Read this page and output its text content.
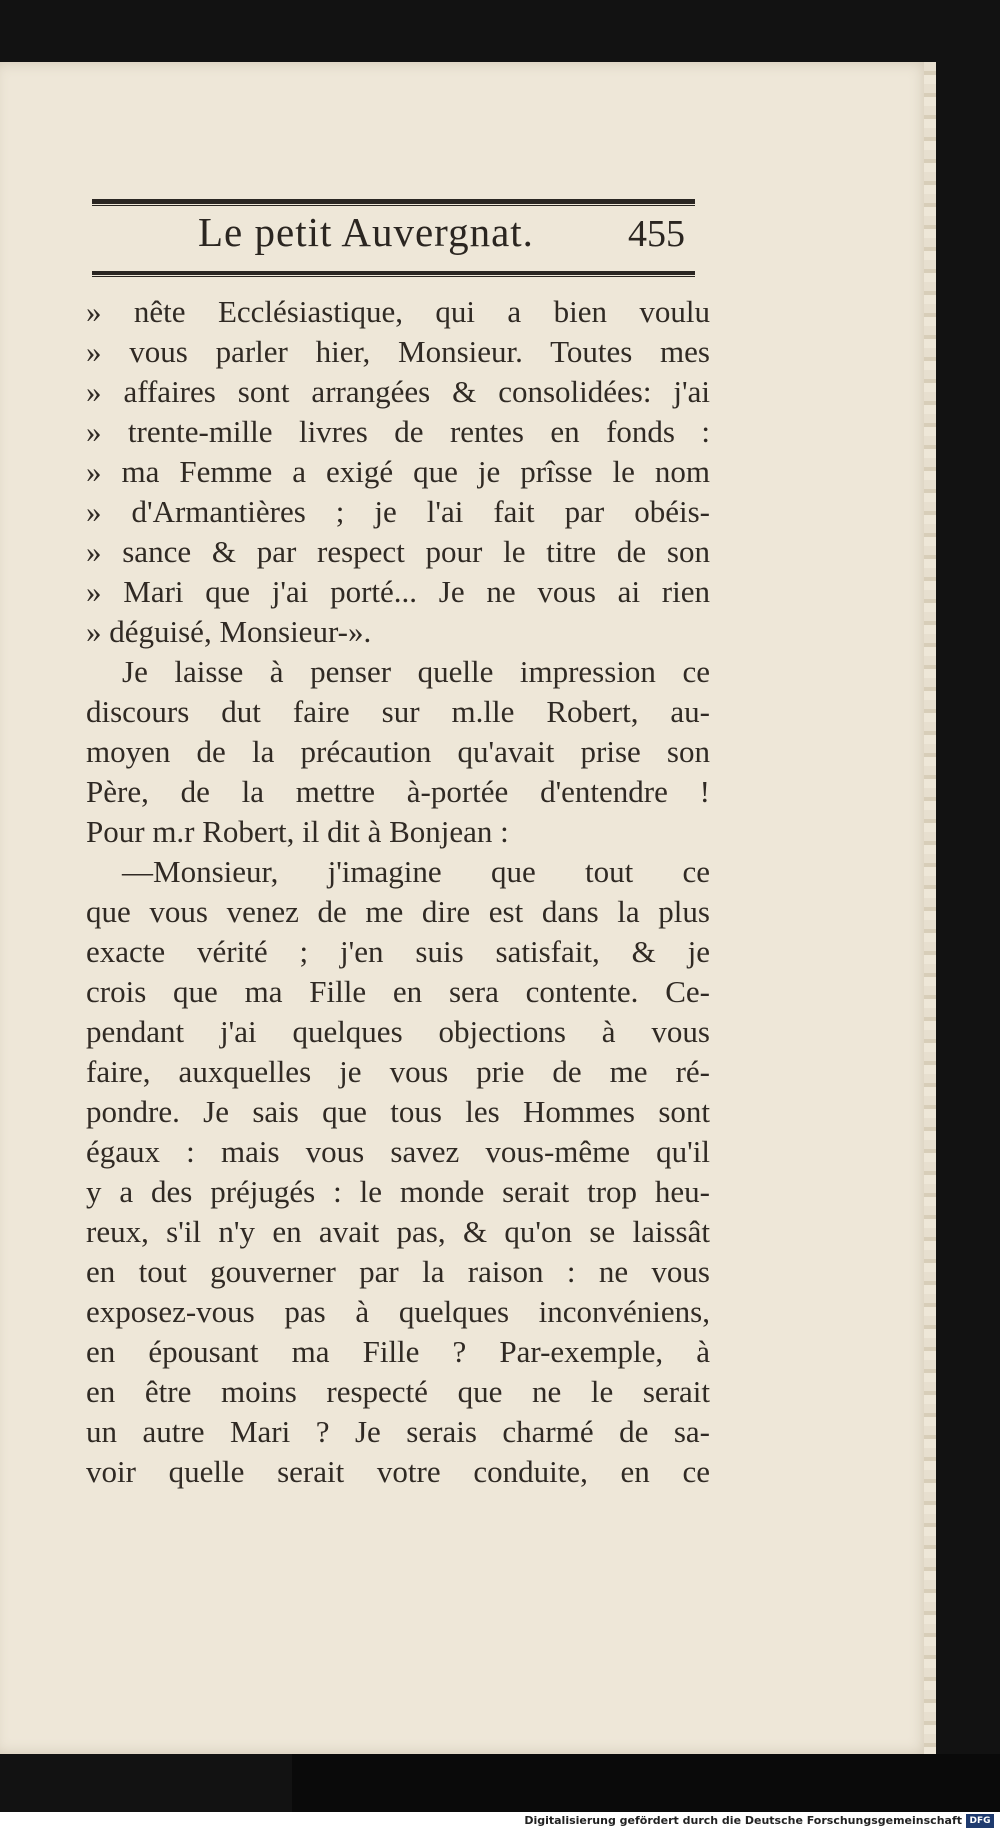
Le petit Auvergnat. 455
» nête Ecclésiastique, qui a bien voulu
» vous parler hier, Monsieur. Toutes mes
» affaires sont arrangées & consolidées: j'ai
» trente-mille livres de rentes en fonds :
» ma Femme a exigé que je prîsse le nom
» d'Armantières ; je l'ai fait par obéis-
» sance & par respect pour le titre de son
» Mari que j'ai porté... Je ne vous ai rien
» déguisé, Monsieur-».
Je laisse à penser quelle impression ce
discours dut faire sur m.lle Robert, au-
moyen de la précaution qu'avait prise son
Père, de la mettre à-portée d'entendre !
Pour m.r Robert, il dit à Bonjean :
—Monsieur, j'imagine que tout ce
que vous venez de me dire est dans la plus
exacte vérité ; j'en suis satisfait, & je
crois que ma Fille en sera contente. Ce-
pendant j'ai quelques objections à vous
faire, auxquelles je vous prie de me ré-
pondre. Je sais que tous les Hommes sont
égaux : mais vous savez vous-même qu'il
y a des préjugés : le monde serait trop heu-
reux, s'il n'y en avait pas, & qu'on se laissât
en tout gouverner par la raison : ne vous
exposez-vous pas à quelques inconvéniens,
en épousant ma Fille ? Par-exemple, à
en être moins respecté que ne le serait
un autre Mari ? Je serais charmé de sa-
voir quelle serait votre conduite, en ce
Digitalisierung gefördert durch die Deutsche Forschungsgemeinschaft DFG
